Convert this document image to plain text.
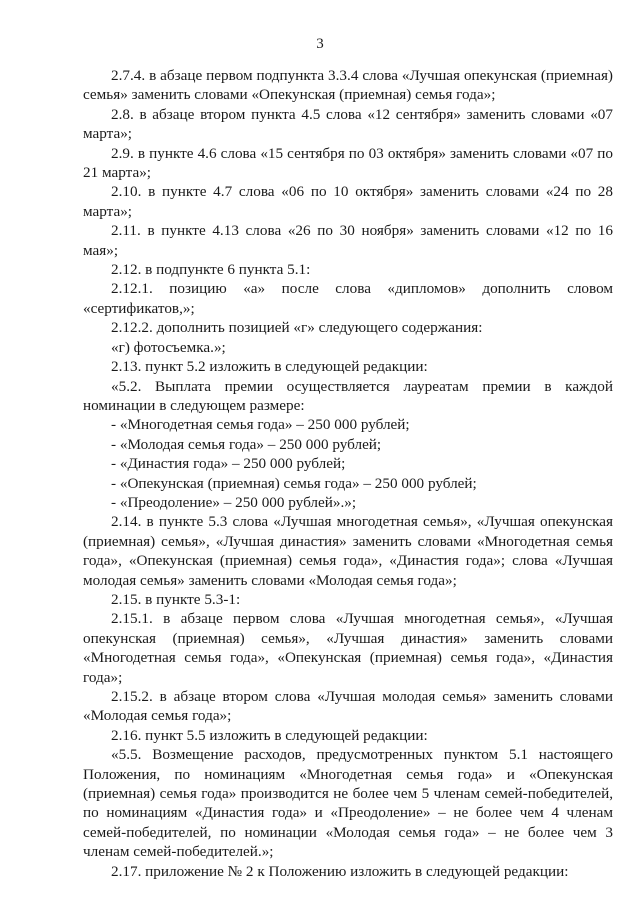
3

2.7.4. в абзаце первом подпункта 3.3.4 слова «Лучшая опекунская (приемная) семья» заменить словами «Опекунская (приемная) семья года»;

2.8. в абзаце втором пункта 4.5 слова «12 сентября» заменить словами «07 марта»;

2.9. в пункте 4.6 слова «15 сентября по 03 октября» заменить словами «07 по 21 марта»;

2.10. в пункте 4.7 слова «06 по 10 октября» заменить словами «24 по 28 марта»;

2.11. в пункте 4.13 слова «26 по 30 ноября» заменить словами «12 по 16 мая»;

2.12. в подпункте 6 пункта 5.1:

2.12.1. позицию «а» после слова «дипломов» дополнить словом «сертификатов,»;

2.12.2. дополнить позицией «г» следующего содержания:

«г) фотосъемка.»;

2.13. пункт 5.2 изложить в следующей редакции:

«5.2. Выплата премии осуществляется лауреатам премии в каждой номинации в следующем размере:

- «Многодетная семья года» – 250 000 рублей;

- «Молодая семья года» – 250 000 рублей;

- «Династия года» – 250 000 рублей;

- «Опекунская (приемная) семья года» – 250 000 рублей;

- «Преодоление» – 250 000 рублей».»;

2.14. в пункте 5.3 слова «Лучшая многодетная семья», «Лучшая опекунская (приемная) семья», «Лучшая династия» заменить словами «Многодетная семья года», «Опекунская (приемная) семья года», «Династия года»; слова «Лучшая молодая семья» заменить словами «Молодая семья года»;

2.15. в пункте 5.3-1:

2.15.1. в абзаце первом слова «Лучшая многодетная семья», «Лучшая опекунская (приемная) семья», «Лучшая династия» заменить словами «Многодетная семья года», «Опекунская (приемная) семья года», «Династия года»;

2.15.2. в абзаце втором слова «Лучшая молодая семья» заменить словами «Молодая семья года»;

2.16. пункт 5.5 изложить в следующей редакции:

«5.5. Возмещение расходов, предусмотренных пунктом 5.1 настоящего Положения, по номинациям «Многодетная семья года» и «Опекунская (приемная) семья года» производится не более чем 5 членам семей-победителей, по номинациям «Династия года» и «Преодоление» – не более чем 4 членам семей-победителей, по номинации «Молодая семья года» – не более чем 3 членам семей-победителей.»;

2.17. приложение № 2 к Положению изложить в следующей редакции:
